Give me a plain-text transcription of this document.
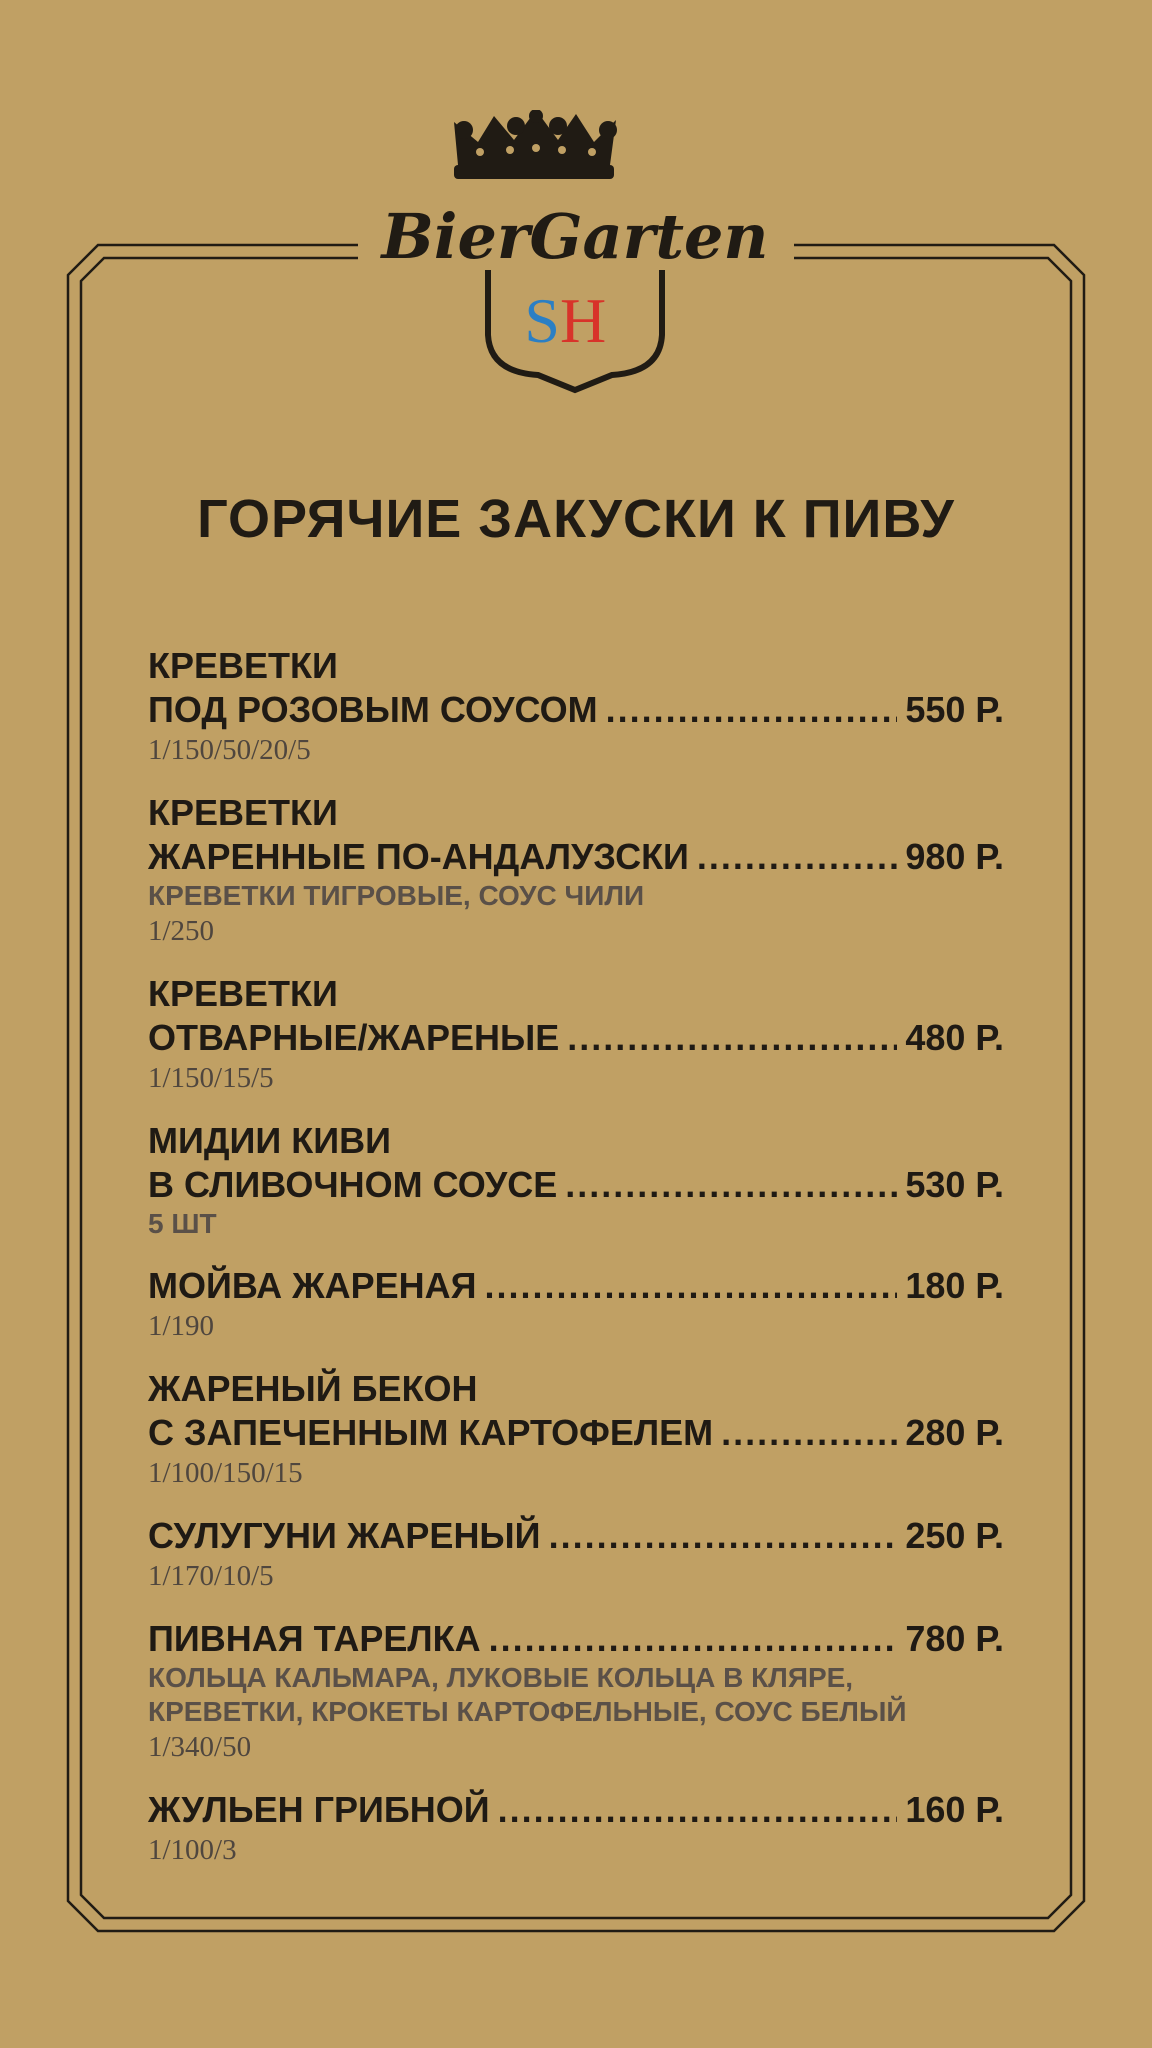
BierGarten
S H
ГОРЯЧИЕ ЗАКУСКИ К ПИВУ
КРЕВЕТКИ
ПОД РОЗОВЫМ СОУСОМ .....	550 Р.
1/150/50/20/5
КРЕВЕТКИ
ЖАРЕННЫЕ ПО-АНДАЛУЗСКИ .....	980 Р.
КРЕВЕТКИ ТИГРОВЫЕ, СОУС ЧИЛИ
1/250
КРЕВЕТКИ
ОТВАРНЫЕ/ЖАРЕНЫЕ .....	480 Р.
1/150/15/5
МИДИИ КИВИ
В СЛИВОЧНОМ СОУСЕ .....	530 Р.
5 ШТ
МОЙВА ЖАРЕНАЯ .....	180 Р.
1/190
ЖАРЕНЫЙ БЕКОН
С ЗАПЕЧЕННЫМ КАРТОФЕЛЕМ .....	280 Р.
1/100/150/15
СУЛУГУНИ ЖАРЕНЫЙ .....	250 Р.
1/170/10/5
ПИВНАЯ ТАРЕЛКА .....	780 Р.
КОЛЬЦА КАЛЬМАРА, ЛУКОВЫЕ КОЛЬЦА В КЛЯРЕ,
КРЕВЕТКИ, КРОКЕТЫ КАРТОФЕЛЬНЫЕ, СОУС БЕЛЫЙ
1/340/50
ЖУЛЬЕН ГРИБНОЙ .....	160 Р.
1/100/3
